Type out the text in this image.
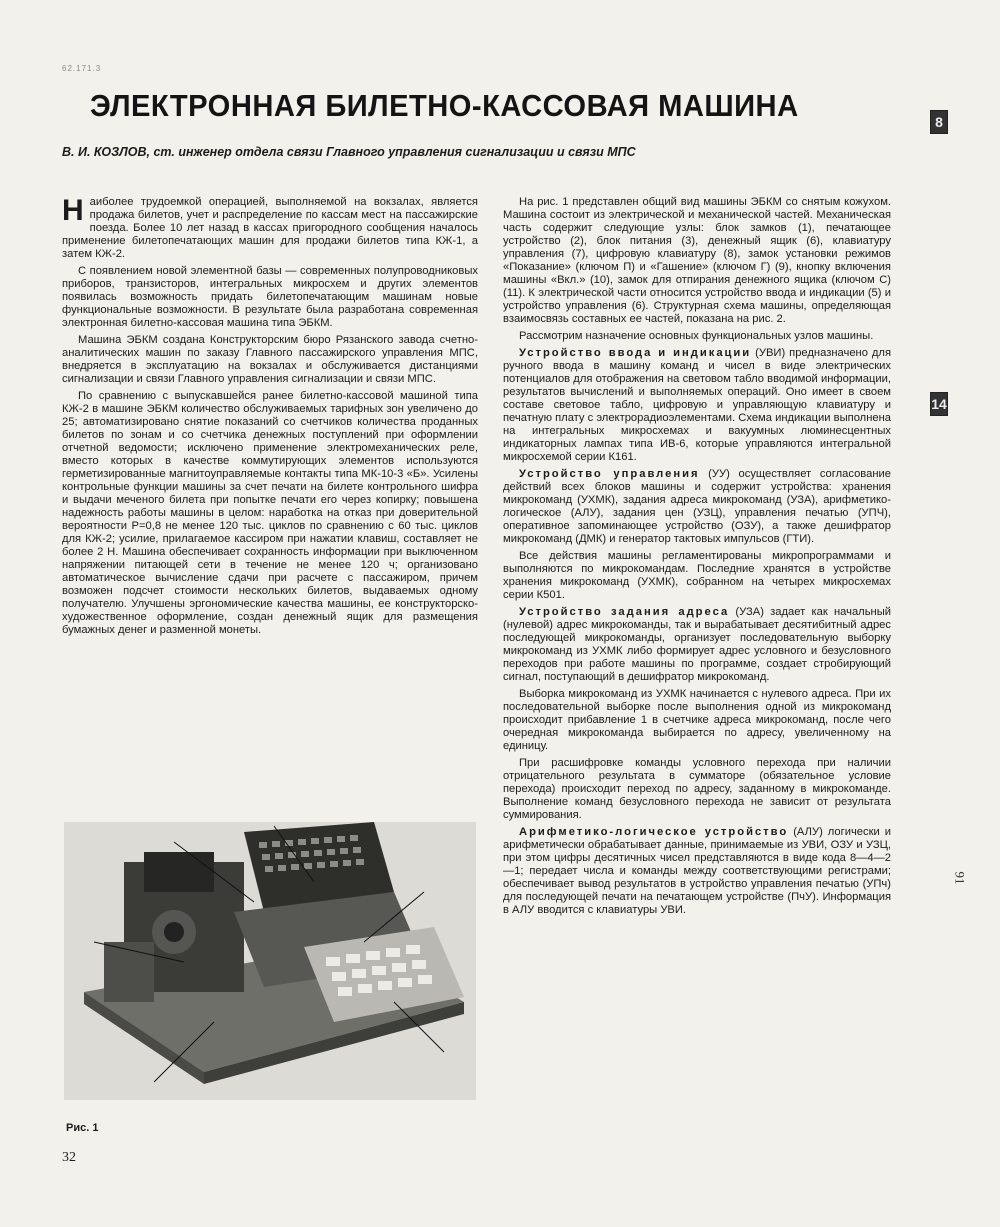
62.171.3
ЭЛЕКТРОННАЯ БИЛЕТНО-КАССОВАЯ МАШИНА
В. И. КОЗЛОВ, ст. инженер отдела связи Главного управления сигнализации и связи МПС
8
14
91

Наиболее трудоемкой операцией, выполняемой на вокзалах, является продажа билетов, учет и распределение по кассам мест на пассажирские поезда. Более 10 лет назад в кассах пригородного сообщения началось применение билетопечатающих машин для продажи билетов типа КЖ-1, а затем КЖ-2.

С появлением новой элементной базы — современных полупроводниковых приборов, транзисторов, интегральных микросхем и других элементов появилась возможность придать билетопечатающим машинам новые функциональные возможности. В результате была разработана современная электронная билетно-кассовая машина типа ЭБКМ.

Машина ЭБКМ создана Конструкторским бюро Рязанского завода счетно-аналитических машин по заказу Главного пассажирского управления МПС, внедряется в эксплуатацию на вокзалах и обслуживается дистанциями сигнализации и связи Главного управления сигнализации и связи МПС.

По сравнению с выпускавшейся ранее билетно-кассовой машиной типа КЖ-2 в машине ЭБКМ количество обслуживаемых тарифных зон увеличено до 25; автоматизировано снятие показаний со счетчиков количества проданных билетов по зонам и со счетчика денежных поступлений при оформлении отчетной ведомости; исключено применение электромеханических реле, вместо которых в качестве коммутирующих элементов используются герметизированные магнитоуправляемые контакты типа МК-10-3 «Б». Усилены контрольные функции машины за счет печати на билете контрольного шифра и выдачи меченого билета при попытке печати его через копирку; повышена надежность работы машины в целом: наработка на отказ при доверительной вероятности P=0,8 не менее 120 тыс. циклов по сравнению с 60 тыс. циклов для КЖ-2; усилие, прилагаемое кассиром при нажатии клавиш, составляет не более 2 Н. Машина обеспечивает сохранность информации при выключенном напряжении питающей сети в течение не менее 120 ч; организовано автоматическое вычисление сдачи при расчете с пассажиром, причем возможен подсчет стоимости нескольких билетов, выдаваемых одному получателю. Улучшены эргономические качества машины, ее конструкторско-художественное оформление, создан денежный ящик для размещения бумажных денег и разменной монеты.

На рис. 1 представлен общий вид машины ЭБКМ со снятым кожухом. Машина состоит из электрической и механической частей. Механическая часть содержит следующие узлы: блок замков (1), печатающее устройство (2), блок питания (3), денежный ящик (6), клавиатуру управления (7), цифровую клавиатуру (8), замок установки режимов «Показание» (ключом П) и «Гашение» (ключом Г) (9), кнопку включения машины «Вкл.» (10), замок для отпирания денежного ящика (ключом С) (11). К электрической части относится устройство ввода и индикации (5) и устройство управления (6). Структурная схема машины, определяющая взаимосвязь составных ее частей, показана на рис. 2.

Рассмотрим назначение основных функциональных узлов машины.

Устройство ввода и индикации (УВИ) предназначено для ручного ввода в машину команд и чисел в виде электрических потенциалов для отображения на световом табло вводимой информации, результатов вычислений и выполняемых операций. Оно имеет в своем составе световое табло, цифровую и управляющую клавиатуру и печатную плату с электрорадиоэлементами. Схема индикации выполнена на интегральных микросхемах и вакуумных люминесцентных индикаторных лампах типа ИВ-6, которые управляются интегральной микросхемой серии К161.

Устройство управления (УУ) осуществляет согласование действий всех блоков машины и содержит устройства: хранения микрокоманд (УХМК), задания адреса микрокоманд (УЗА), арифметико-логическое (АЛУ), задания цен (УЗЦ), управления печатью (УПЧ), оперативное запоминающее устройство (ОЗУ), а также дешифратор микрокоманд (ДМК) и генератор тактовых импульсов (ГТИ).

Все действия машины регламентированы микропрограммами и выполняются по микрокомандам. Последние хранятся в устройстве хранения микрокоманд (УХМК), собранном на четырех микросхемах серии К501.

Устройство задания адреса (УЗА) задает как начальный (нулевой) адрес микрокоманды, так и вырабатывает десятибитный адрес последующей микрокоманды, организует последовательную выборку микрокоманд из УХМК либо формирует адрес условного и безусловного переходов при работе машины по программе, создает стробирующий сигнал, поступающий в дешифратор микрокоманд.

Выборка микрокоманд из УХМК начинается с нулевого адреса. При их последовательной выборке после выполнения одной из микрокоманд происходит прибавление 1 в счетчике адреса микрокоманд, после чего очередная микрокоманда выбирается по адресу, увеличенному на единицу.

При расшифровке команды условного перехода при наличии отрицательного результата в сумматоре (обязательное условие перехода) происходит переход по адресу, заданному в микрокоманде. Выполнение команд безусловного перехода не зависит от результата суммирования.

Арифметико-логическое устройство (АЛУ) логически и арифметически обрабатывает данные, принимаемые из УВИ, ОЗУ и УЗЦ, при этом цифры десятичных чисел представляются в виде кода 8—4—2—1; передает числа и команды между соответствующими регистрами; обеспечивает вывод результатов в устройство управления печатью (УПч) для последующей печати на печатающем устройстве (ПчУ). Информация в АЛУ вводится с клавиатуры УВИ.

Рис. 1
32
